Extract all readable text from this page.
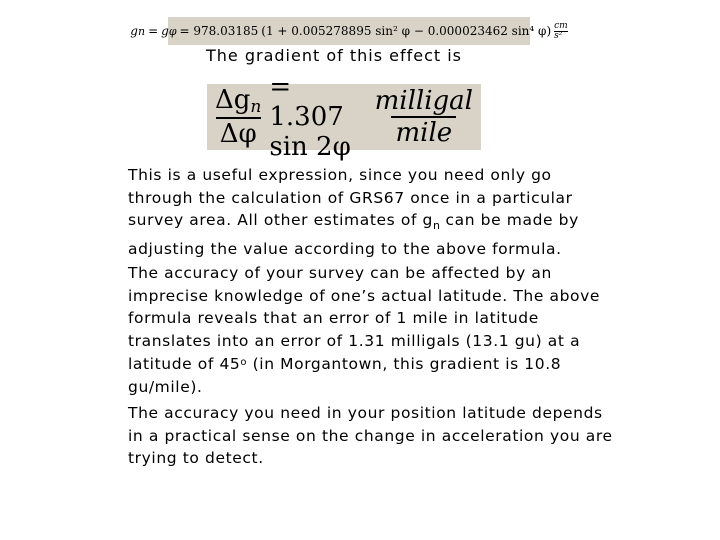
g n = g φ = 978.03185 (1 + 0.005278895 sin² φ − 0.000023462 sin⁴ $\varphi) \frac{cm}{\text{s²}}$
The gradient of this effect is
$\frac{\Delta g_n}{\Delta\varphi} = 1.307$ $\sin 2\varphi \frac{\text{milligal}}{\text{mile}}$

This is a useful expression, since you need only go
through the calculation of GRS67 once in a particular
survey area. All other estimates of $g_n$ can be made by
adjusting the value according to the above formula.

The accuracy of your survey can be affected by an
imprecise knowledge of one’s actual latitude. The above
formula reveals that an error of 1 mile in latitude
translates into an error of 1.31 milligals (13.1 gu) at a
latitude of 45$^o$ (in Morgantown, this gradient is 10.8
gu/mile).

The accuracy you need in your position latitude depends
in a practical sense on the change in acceleration you are
trying to detect.
